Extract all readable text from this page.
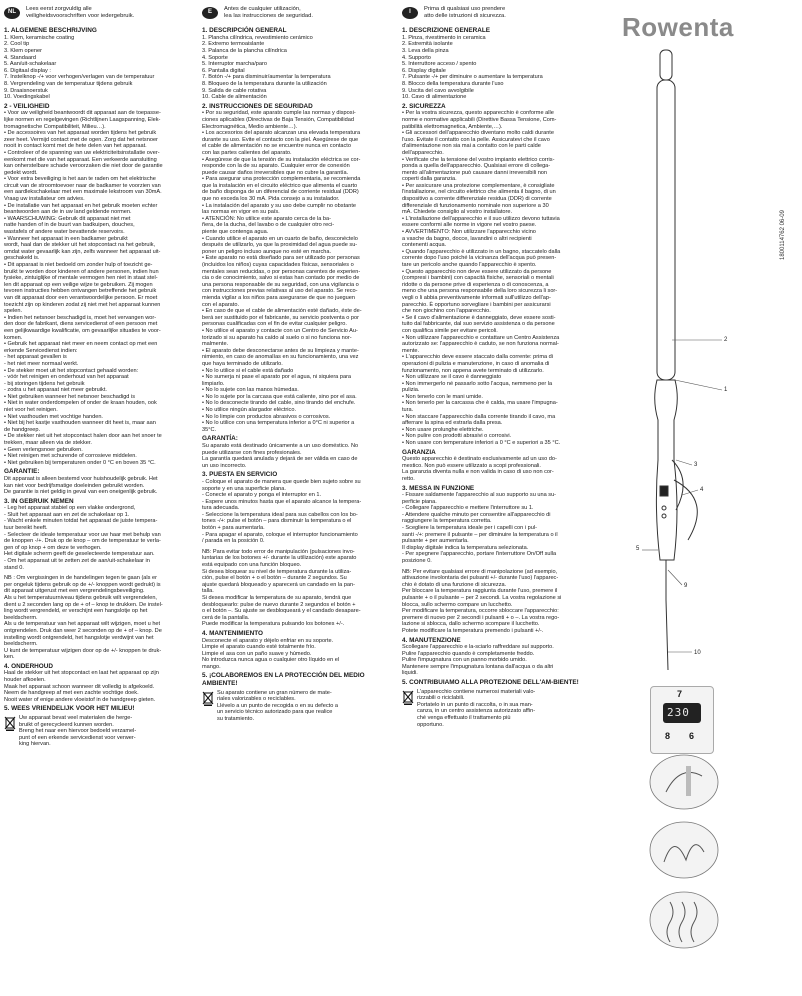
NL
Lees eerst zorgvuldig alle
veiligheidsvoorschriften voor iedergebruik.
1. ALGEMENE BESCHRIJVING
1. Klem, keramische coating
2. Cool tip
3. Klem opener
4. Standaard
5. Aan/uit-schakelaar
6. Digitaal display :
7. Instelknop -/+ voor verhogen/verlagen van de temperatuur
8. Vergrendeling van de temperatuur tijdens gebruik
9. Draaisnoerstuk
10. Voedingskabel
2 - VEILIGHEID
• Voor uw veiligheid beantwoordt dit apparaat aan de toepasse-
lijke normen en regelgevingen (Richtlijnen Laagspanning, Elek-
tromagnetische Compatibiliteit, Milieu…).
• De accessoires van het apparaat worden tijdens het gebruik
zeer heet. Vermijd contact met de ogen. Zorg dat het netsnoer
nooit in contact komt met de hete delen van het apparaat.
• Controleer of de spanning van uw elektriciteitsinstallatie over-
eenkomt met die van het apparaat. Een verkeerde aansluiting
kan onherstelbare schade veroorzaken die niet door de garantie
gedekt wordt.
• Voor extra beveiliging is het aan te raden om het elektrische
circuit van de stroomtoevoer naar de badkamer te voorzien van
een aardlekschakelaar met een maximale lekstroom van 30mA.
Vraag uw installateur om advies.
• De installatie van het apparaat en het gebruik moeten echter
beantwoorden aan de in uw land geldende normen.
• WAARSCHUWING: Gebruik dit apparaat niet met
natte handen of in de buurt van badkuipen, douches,
wastafels of andere water bevattende reservoirs.
• Wanneer het apparaat in een badkamer gebruikt
wordt, haal dan de stekker uit het stopcontact na het gebruik,
omdat water gevaarlijk kan zijn, zelfs wanneer het apparaat uit-
geschakeld is.
• Dit apparaat is niet bedoeld om zonder hulp of toezicht ge-
bruikt te worden door kinderen of andere personen, indien hun
fysieke, zintuiglijke of mentale vermogen hen niet in staat stel-
len dit apparaat op een veilige wijze te gebruiken. Zij mogen
tevoren instructies hebben ontvangen betreffende het gebruik
van dit apparaat door een verantwoordelijke persoon. Er moet
toezicht zijn op kinderen zodat zij niet met het apparaat kunnen
spelen.
• Indien het netsnoer beschadigd is, moet het vervangen wor-
den door de fabrikant, diens servicedienst of een persoon met
een gelijkwaardige kwalificatie, om gevaarlijke situaties te voor-
komen.
• Gebruik het apparaat niet meer en neem contact op met een
erkende Servicedienst indien:
- het apparaat gevallen is
- het niet meer normaal werkt.
• De stekker moet uit het stopcontact gehaald worden:
- vóór het reinigen en onderhoud van het apparaat
- bij storingen tijdens het gebruik
- zodra u het apparaat niet meer gebruikt.
• Niet gebruiken wanneer het netsnoer beschadigd is
• Niet in water onderdompelen of onder de kraan houden, ook
niet voor het reinigen.
• Niet vasthouden met vochtige handen.
• Niet bij het kastje vasthouden wanneer dit heet is, maar aan
de handgreep.
• De stekker niet uit het stopcontact halen door aan het snoer te
trekken, maar alleen via de stekker.
• Geen verlengsnoer gebruiken.
• Niet reinigen met schurende of corrosieve middelen.
• Niet gebruiken bij temperaturen onder 0 °C en boven 35 °C.
GARANTIE:
Dit apparaat is alleen bestemd voor huishoudelijk gebruik. Het
kan niet voor bedrijfsmatige doeleinden gebruikt worden.
De garantie is niet geldig in geval van een oneigenlijk gebruik.
3. IN GEBRUIK NEMEN
- Leg het apparaat stabiel op een vlakke ondergrond,
- Sluit het apparaat aan en zet de schakelaar op 1.
- Wacht enkele minuten totdat het apparaat de juiste tempera-
tuur bereikt heeft.
- Selecteer de ideale temperatuur voor uw haar met behulp van
de knoppen -/+. Druk op de knop – om de temperatuur te verla-
gen of op knop + om deze te verhogen.
Het digitale scherm geeft de geselecteerde temperatuur aan.
- Om het apparaat uit te zetten zet de aan/uit-schakelaar in
stand 0.
NB : Om vergissingen in de handelingen tegen te gaan (als er
per ongeluk tijdens gebruik op de +/- knoppen wordt gedrukt) is
dit apparaat uitgerust met een vergrendelingsbeveiliging.
Als u het temperatuurniveau tijdens gebruik wilt vergrendelen,
dient u 2 seconden lang op de + of – knop te drukken. De instel-
ling wordt vergrendeld, er verschijnt een hangslotje op het
beeldscherm.
Als u de temperatuur van het apparaat wilt wijzigen, moet u het
ontgrendelen. Druk dan weer 2 seconden op de + of – knop. De
instelling wordt ontgrendeld, het hangslotje verdwijnt van het
beeldscherm.
U kunt de temperatuur wijzigen door op de +/- knoppen te druk-
ken.
4. ONDERHOUD
Haal de stekker uit het stopcontact en laat het apparaat op zijn
houder afkoelen.
Maak het apparaat schoon wanneer dit volledig is afgekoeld.
Neem de handgreep af met een zachte vochtige doek.
Nooit water of enige andere vloeistof in de handgreep gieten.
5. WEES VRIENDELIJK VOOR HET MILIEU!
Uw apparaat bevat veel materialen die herge-
bruikt of gerecycleerd kunnen worden.
Breng het naar een hiervoor bedoeld verzamel-
punt of een erkende servicedienst voor verwer-
king hiervan.
E
Antes de cualquier utilización,
lea las instrucciones de seguridad.
1. DESCRIPCIÓN GENERAL
1. Plancha cilíndrica, revestimiento cerámico
2. Extremo termoaislante
3. Palanca de la plancha cilíndrica
4. Soporte
5. Interruptor marcha/paro
6. Pantalla digital
7. Botón -/+ para disminuir/aumentar la temperatura
8. Bloqueo de la temperatura durante la utilización
9. Salida de cable rotativa
10. Cable de alimentación
2. INSTRUCCIONES DE SEGURIDAD
• Por su seguridad, este aparato cumple las normas y disposi-
ciones aplicables (Directivas de Baja Tensión, Compatibilidad
Electromagnética, Medio ambiente…).
• Los accesorios del aparato alcanzan una elevada temperatura
durante su uso. Evite el contacto con la piel. Asegúrese de que
el cable de alimentación no se encuentre nunca en contacto
con las partes calientes del aparato.
• Asegúrese de que la tensión de su instalación eléctrica se cor-
responde con la de su aparato. Cualquier error de conexión
puede causar daños irreversibles que no cubre la garantía.
• Para asegurar una protección complementaria, se recomienda
que la instalación en el circuito eléctrico que alimenta el cuarto
de baño disponga de un diferencial de corriente residual (DDR)
que no exceda los 30 mA. Pida consejo a su instalador.
• La instalación del aparato y su uso debe cumplir no obstante
las normas en vigor en su país.
• ATENCIÓN: No utilice este aparato cerca de la ba-
ñera, de la ducha, del lavabo o de cualquier otro reci-
piente que contenga agua.
• Cuando utilice el aparato en un cuarto de baño, desconéctelo
después de utilizarlo, ya que la proximidad del agua puede su-
poner un peligro incluso aunque no esté en marcha.
• Este aparato no está diseñado para ser utilizado por personas
(incluidos los niños) cuyas capacidades físicas, sensoriales o
mentales sean reducidas, o por personas carentes de experien-
cia o de conocimiento, salvo si estas han contado por medio de
una persona responsable de su seguridad, con una vigilancia o
con instrucciones previas relativas al uso del aparato. Se reco-
mienda vigilar a los niños para asegurarse de que no jueguen
con el aparato.
• En caso de que el cable de alimentación esté dañado, éste de-
berá ser sustituido por el fabricante, su servicio postventa o por
personas cualificadas con el fin de evitar cualquier peligro.
• No utilice el aparato y contacte con un Centro de Servicio Au-
torizado si su aparato ha caído al suelo o si no funciona nor-
malmente.
• El aparato debe desconectarse antes de su limpieza y mante-
nimiento, en caso de anomalías en su funcionamiento, una vez
que haya terminado de utilizarlo.
• No lo utilice si el cable está dañado
• No sumerja ni pase el aparato por el agua, ni siquiera para
limpiarlo.
• No lo sujete con las manos húmedas.
• No lo sujete por la carcasa que está caliente, sino por el asa.
• No lo desconecte tirando del cable, sino tirando del enchufe.
• No utilice ningún alargador eléctrico.
• No lo limpie con productos abrasivos o corrosivos.
• No lo utilice con una temperatura inferior a 0°C ni superior a
35°C.
GARANTÍA:
Su aparato está destinado únicamente a un uso doméstico. No
puede utilizarse con fines profesionales.
La garantía quedará anulada y dejará de ser válida en caso de
un uso incorrecto.
3. PUESTA EN SERVICIO
- Coloque el aparato de manera que quede bien sujeto sobre su
soporte y en una superficie plana.
- Conecte el aparato y ponga el interruptor en 1.
- Espere unos minutos hasta que el aparato alcance la tempera-
tura adecuada.
- Seleccione la temperatura ideal para sus cabellos con los bo-
tones -/+: pulse el botón – para disminuir la temperatura o el
botón + para aumentarla.
- Para apagar el aparato, coloque el interruptor funcionamiento
/ parada en la posición 0.
NB: Para evitar todo error de manipulación (pulsaciones invo-
luntarias de los botones +/- durante la utilización) este aparato
está equipado con una función bloqueo.
Si desea bloquear su nivel de temperatura durante la utiliza-
ción, pulse el botón + o el botón – durante 2 segundos. Su
ajuste quedará bloqueado y aparecerá un candado en la pan-
talla.
Si desea modificar la temperatura de su aparato, tendrá que
desbloquearlo: pulse de nuevo durante 2 segundos el botón +
o el botón –. Su ajuste se desbloqueará y el candado desapare-
cerá de la pantalla.
Puede modificar la temperatura pulsando los botones +/-.
4. MANTENIMIENTO
Desconecte el aparato y déjelo enfriar en su soporte.
Limpie el aparato cuando esté totalmente frío.
Limpie el asa con un paño suave y húmedo.
No introduzca nunca agua o cualquier otro líquido en el
mango.
5. ¡COLABOREMOS EN LA PROTECCIÓN DEL MEDIO AMBIENTE!
Su aparato contiene un gran número de mate-
riales valorizables o reciclables.
Llévelo a un punto de recogida o en su defecto a
un servicio técnico autorizado para que realice
su tratamiento.
I
Prima di qualsiasi uso prendere
atto delle istruzioni di sicurezza.
1. DESCRIZIONE GENERALE
1. Pinza, rivestimento in ceramica
2. Estremità isolante
3. Leva della pinza
4. Supporto
5. Interruttore acceso / spento
6. Display digitale
7. Pulsante -/+ per diminuire o aumentare la temperatura
8. Blocco della temperatura durante l'uso
9. Uscita del cavo avvolgibile
10. Cavo di alimentazione
2. SICUREZZA
• Per la vostra sicurezza, questo apparecchio è conforme alle
norme e normative applicabili (Direttive Bassa Tensione, Com-
patibilità elettromagnetica, Ambiente,…).
• Gli accessori dell'apparecchio diventano molto caldi durante
l'uso. Evitate il contatto con la pelle. Assicuratevi che il cavo
d'alimentazione non sia mai a contatto con le parti calde
dell'apparecchio.
• Verificate che la tensione del vostro impianto elettrico corris-
ponda a quella dell'apparecchio. Qualsiasi errore di collega-
mento all'alimentazione può causare danni irreversibili non
coperti dalla garanzia.
• Per assicurare una protezione complementare, è consigliate
l'installazione, nel circuito elettrico che alimenta il bagno, di un
dispositivo a corrente differenziale residua (DDR) di corrente
differenziale di funzionamento nominale non superiore a 30
mA. Chiedete consiglio al vostro installatore.
• L'installazione dell'apparecchio e il suo utilizzo devono tuttavia
essere conformi alle norme in vigore nel vostro paese.
• AVVERTIMENTO: Non utilizzare l'apparecchio vicino
a vasche da bagno, docce, lavandini o altri recipienti
contenenti acqua.
• Quando l'apparecchio è utilizzato in un bagno, staccatelo dalla
corrente dopo l'uso poiché la vicinanza dell'acqua può presen-
tare un pericolo anche quando l'apparecchio è spento.
• Questo apparecchio non deve essere utilizzato da persone
(compresi i bambini) con capacità fisiche, sensoriali o mentali
ridotte o da persone prive di esperienza o di conoscenza, a
meno che una persona responsabile della loro sicurezza li sor-
vegli o li abbia preventivamente informati sull'utilizzo dell'ap-
parecchio. È opportuno sorvegliare i bambini per assicurarsi
che non giochino con l'apparecchio.
• Se il cavo d'alimentazione è danneggiato, deve essere sosti-
tuito dal fabbricante, dal suo servizio assistenza o da persone
con qualifica simile per evitare pericoli.
• Non utilizzare l'apparecchio e contattare un Centro Assistenza
autorizzato se: l'apparecchio è caduto, se non funziona normal-
mente.
• L'apparecchio deve essere staccato dalla corrente: prima di
operazioni di pulizia e manutenzione, in caso di anomalia di
funzionamento, non appena avete terminato di utilizzarlo.
• Non utilizzare se il cavo è danneggiato
• Non immergerlo né passarlo sotto l'acqua, nemmeno per la
pulizia.
• Non tenerlo con le mani umide.
• Non tenerlo per la carcassa che è calda, ma usare l'impugna-
tura.
• Non staccare l'apparecchio dalla corrente tirando il cavo, ma
afferrare la spina ed estrarla dalla presa.
• Non usare prolunghe elettriche.
• Non pulire con prodotti abrasivi o corrosivi.
• Non usare con temperature inferiori a 0 °C e superiori a 35 °C.
GARANZIA
Questo apparecchio è destinato esclusivamente ad un uso do-
mestico. Non può essere utilizzato a scopi professionali.
La garanzia diventa nulla e non valida in caso di uso non cor-
retto.
3. MESSA IN FUNZIONE
- Fissare saldamente l'apparecchio al suo supporto su una su-
perficie piana.
- Collegare l'apparecchio e mettere l'interruttore su 1.
- Attendere qualche minuto per consentire all'apparecchio di
raggiungere la temperatura corretta.
- Scegliere la temperatura ideale per i capelli con i pul-
santi -/+: premere il pulsante – per diminuire la temperatura o il
pulsante + per aumentarla.
Il display digitale indica la temperatura selezionata.
- Per spegnere l'apparecchio, portare l'interruttore On/Off sulla
posizione 0.
NB: Per evitare qualsiasi errore di manipolazione (ad esempio,
attivazione involontaria dei pulsanti +/- durante l'uso) l'apparec-
chio è dotato di una funzione di sicurezza.
Per bloccare la temperatura raggiunta durante l'uso, premere il
pulsante + o il pulsante – per 2 secondi. La vostra regolazione si
blocca, sullo schermo compare un lucchetto.
Per modificare la temperatura, occorre sbloccare l'apparecchio:
premere di nuovo per 2 secondi i pulsanti + o –. La vostra rego-
lazione si sblocca, dallo schermo scompare il lucchetto.
Potete modificare la temperatura premendo i pulsanti +/-.
4. MANUTENZIONE
Scollegare l'apparecchio e la-sciarlo raffreddare sul supporto.
Pulire l'apparecchio quando è completamente freddo.
Pulire l'impugnatura con un panno morbido umido.
Mantenere sempre l'impugnatura lontana dall'acqua o da altri
liquidi.
5. CONTRIBUIAMO ALLA PROTEZIONE DELL'AM-BIENTE!
L'apparecchio contiene numerosi materiali valo-
rizzabili o riciclabili.
Portatelo in un punto di raccolta, o in sua man-
canza, in un centro assistenza autorizzato affin-
ché venga effettuato il trattamento più
opportuno.
Rowenta
1800114762 06-09
2
1
3
4
5
9
10
7
230
8 6
